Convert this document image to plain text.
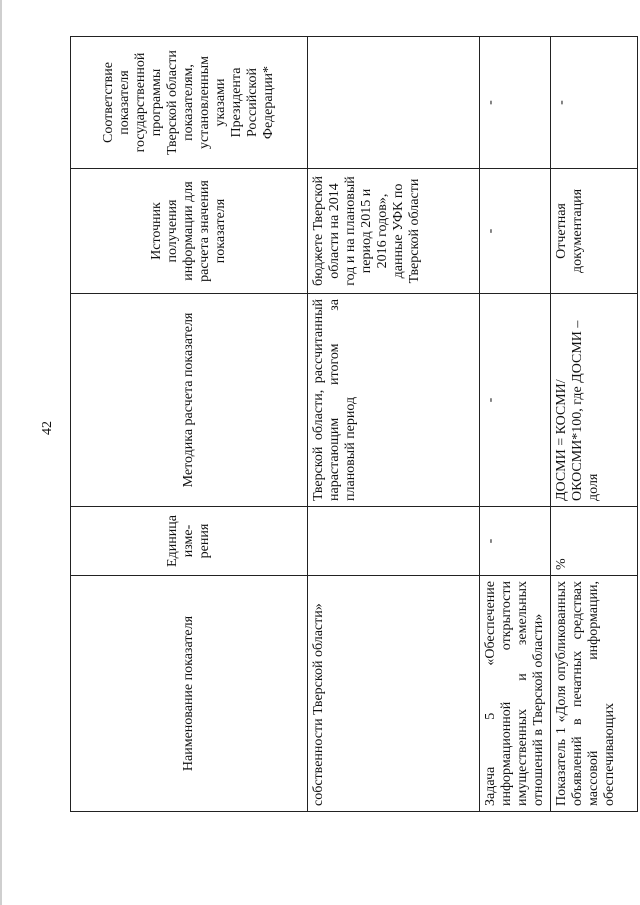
42
Наименование показателя	Единица изме-рения	Методика расчета показателя	Источник получения информации для расчета значения показателя	Соответствие показателя государственной программы Тверской области показателям, установленным указами Президента Российской Федерации*
собственности Тверской области»		Тверской области, рассчитанный нарастающим итогом за плановый период	бюджете Тверской области на 2014 год и на плановый период 2015 и 2016 годов», данные УФК по Тверской области	
Задача 5 «Обеспечение информационной открытости имущественных и земельных отношений в Тверской области»	-	-	-	-
Показатель 1 «Доля опубликованных объявлений в печатных средствах массовой информации, обеспечивающих	%	ДОСМИ = КОСМИ/ОКОСМИ*100, где ДОСМИ – доля	Отчетная документация	-
